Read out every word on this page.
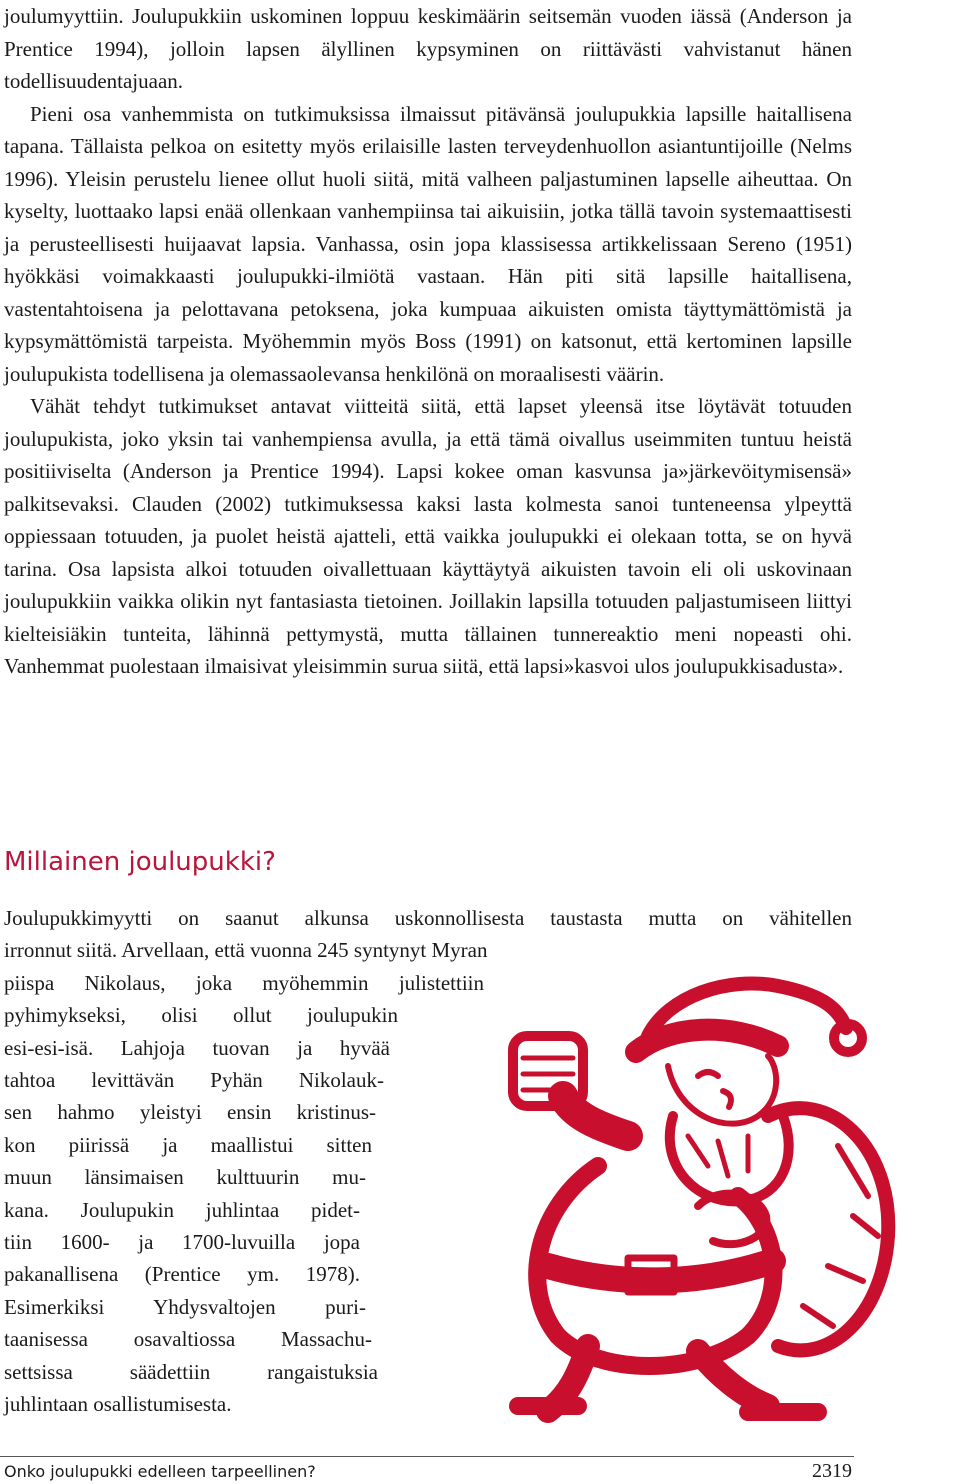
joulumyyttiin. Joulupukkiin uskominen loppuu keskimäärin seitsemän vuoden iässä (Anderson ja Prentice 1994), jolloin lapsen älyllinen kypsyminen on riittävästi vahvistanut hänen todellisuudentajuaan.

Pieni osa vanhemmista on tutkimuksissa ilmaissut pitävänsä joulupukkia lapsille haitallisena tapana. Tällaista pelkoa on esitetty myös erilaisille lasten terveydenhuollon asiantuntijoille (Nelms 1996). Yleisin perustelu lienee ollut huoli siitä, mitä valheen paljastuminen lapselle aiheuttaa. On kyselty, luottaako lapsi enää ollenkaan vanhempiinsa tai aikuisiin, jotka tällä tavoin systemaattisesti ja perusteellisesti huijaavat lapsia. Vanhassa, osin jopa klassisessa artikkelissaan Sereno (1951) hyökkäsi voimakkaasti joulupukki-ilmiötä vastaan. Hän piti sitä lapsille haitallisena, vastentahtoisena ja pelottavana petoksena, joka kumpuaa aikuisten omista täyttymättömistä ja kypsymättömistä tarpeista. Myöhemmin myös Boss (1991) on katsonut, että kertominen lapsille joulupukista todellisena ja olemassaolevansa henkilönä on moraalisesti väärin.

Vähät tehdyt tutkimukset antavat viitteitä siitä, että lapset yleensä itse löytävät totuuden joulupukista, joko yksin tai vanhempiensa avulla, ja että tämä oivallus useimmiten tuntuu heistä positiiviselta (Anderson ja Prentice 1994). Lapsi kokee oman kasvunsa ja»järkevöitymisensä» palkitsevaksi. Clauden (2002) tutkimuksessa kaksi lasta kolmesta sanoi tunteneensa ylpeyttä oppiessaan totuuden, ja puolet heistä ajatteli, että vaikka joulupukki ei olekaan totta, se on hyvä tarina. Osa lapsista alkoi totuuden oivallettuaan käyttäytyä aikuisten tavoin eli oli uskovinaan joulupukkiin vaikka olikin nyt fantasiasta tietoinen. Joillakin lapsilla totuuden paljastumiseen liittyi kielteisiäkin tunteita, lähinnä pettymystä, mutta tällainen tunnereaktio meni nopeasti ohi. Vanhemmat puolestaan ilmaisivat yleisimmin surua siitä, että lapsi»kasvoi ulos joulupukkisadusta».

Millainen joulupukki?
Joulupukkimyytti on saanut alkunsa uskonnollisesta taustasta mutta on vähitellen
irronnut siitä. Arvellaan, että vuonna 245 syntynyt Myran
piispa Nikolaus, joka myöhemmin julistettiin
pyhimykseksi, olisi ollut joulupukin
esi-esi-isä. Lahjoja tuovan ja hyvää
tahtoa levittävän Pyhän Nikolauk-
sen hahmo yleistyi ensin kristinus-
kon piirissä ja maallistui sitten
muun länsimaisen kulttuurin mu-
kana. Joulupukin juhlintaa pidet-
tiin 1600- ja 1700-luvuilla jopa
pakanallisena (Prentice ym. 1978).
Esimerkiksi Yhdysvaltojen puri-
taanisessa osavaltiossa Massachu-
settsissa säädettiin rangaistuksia
juhlintaan osallistumisesta.
Onko joulupukki edelleen tarpeellinen?	2319
